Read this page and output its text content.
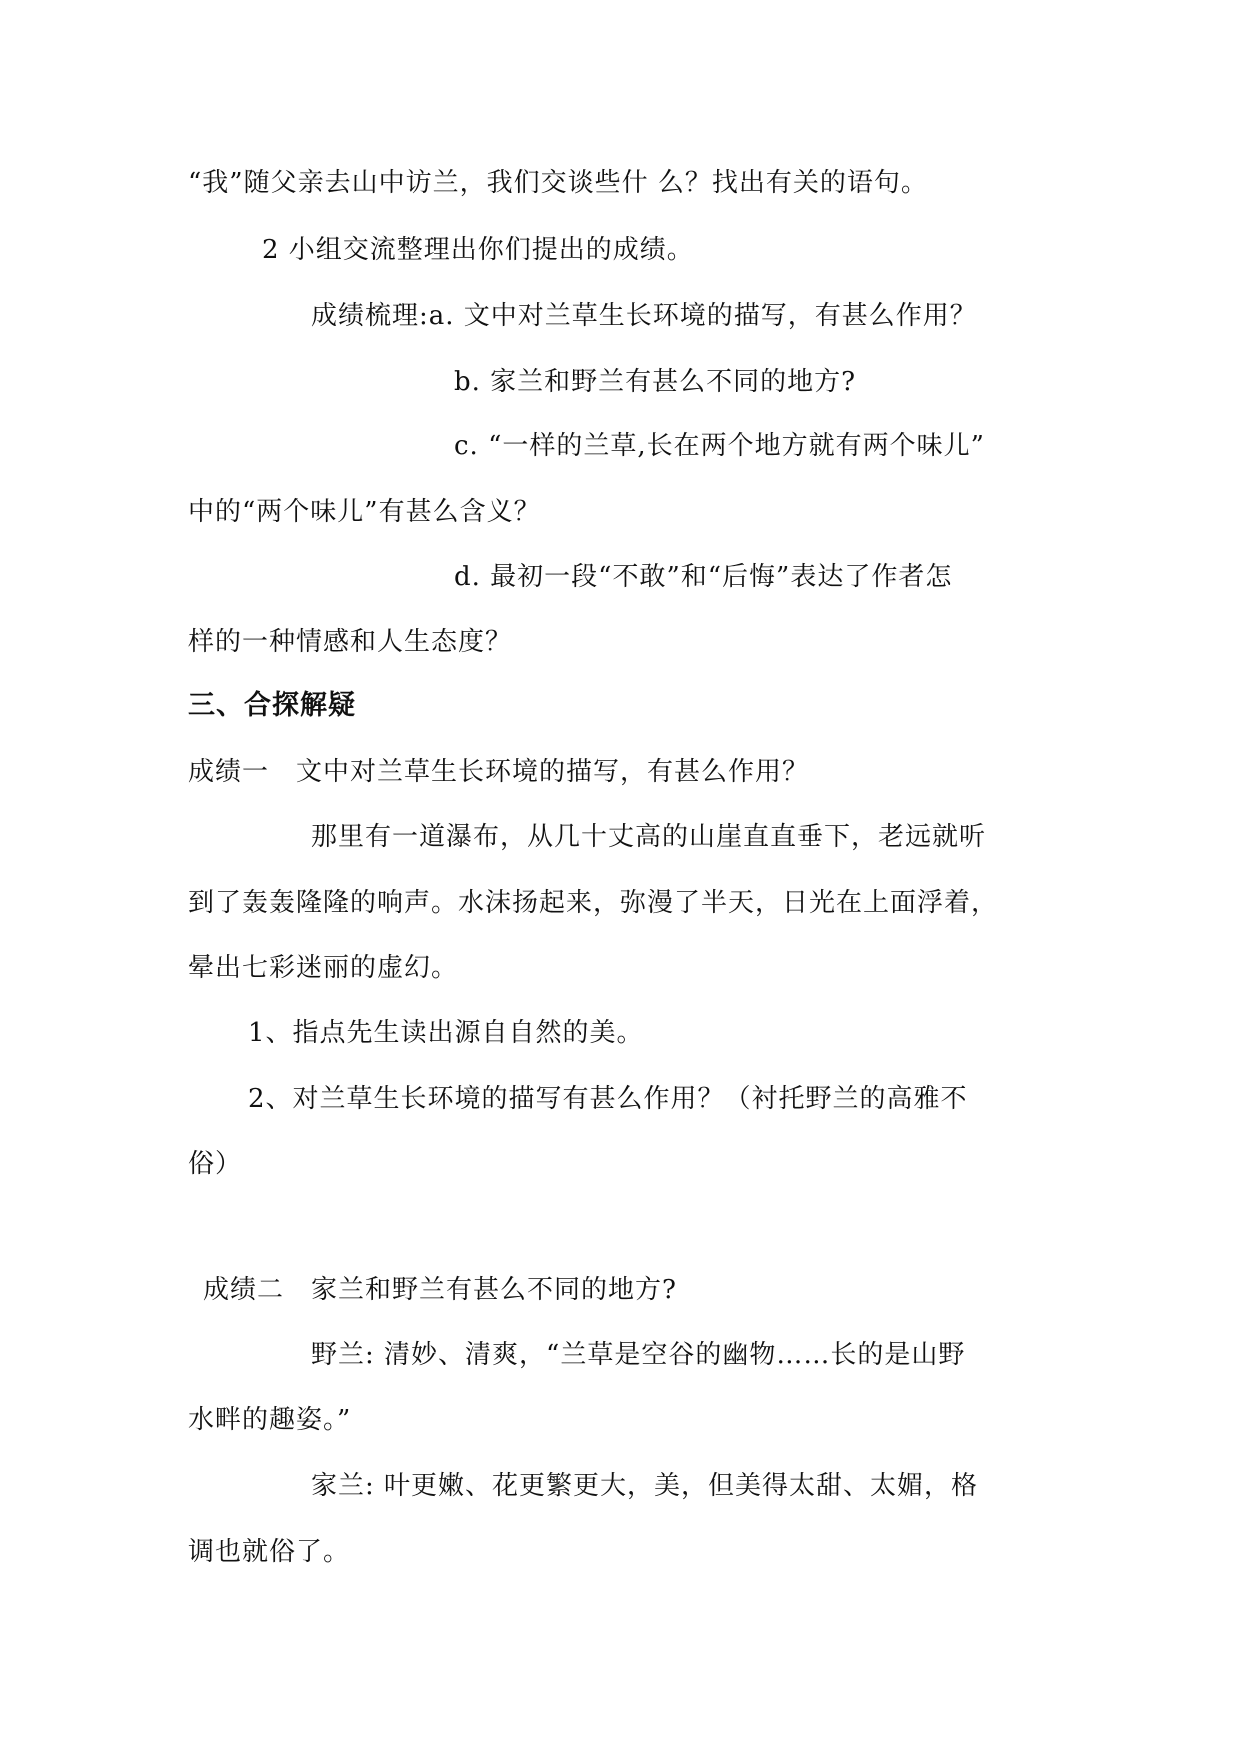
“我”随父亲去山中访兰，我们交谈些什 么？找出有关的语句。
2 小组交流整理出你们提出的成绩。
成绩梳理:a. 文中对兰草生长环境的描写，有甚么作用？
b. 家兰和野兰有甚么不同的地方?
c. “一样的兰草,长在两个地方就有两个味儿”
中的“两个味儿”有甚么含义？
d. 最初一段“不敢”和“后悔”表达了作者怎
样的一种情感和人生态度？
三、合探解疑
成绩一　文中对兰草生长环境的描写，有甚么作用？
那里有一道瀑布，从几十丈高的山崖直直垂下，老远就听
到了轰轰隆隆的响声。水沫扬起来，弥漫了半天，日光在上面浮着，
晕出七彩迷丽的虚幻。
1、指点先生读出源自自然的美。
2、对兰草生长环境的描写有甚么作用？（衬托野兰的高雅不
俗）
成绩二　家兰和野兰有甚么不同的地方?
野兰: 清妙、清爽，“兰草是空谷的幽物……长的是山野
水畔的趣姿。”
家兰: 叶更嫩、花更繁更大，美，但美得太甜、太媚，格
调也就俗了。
